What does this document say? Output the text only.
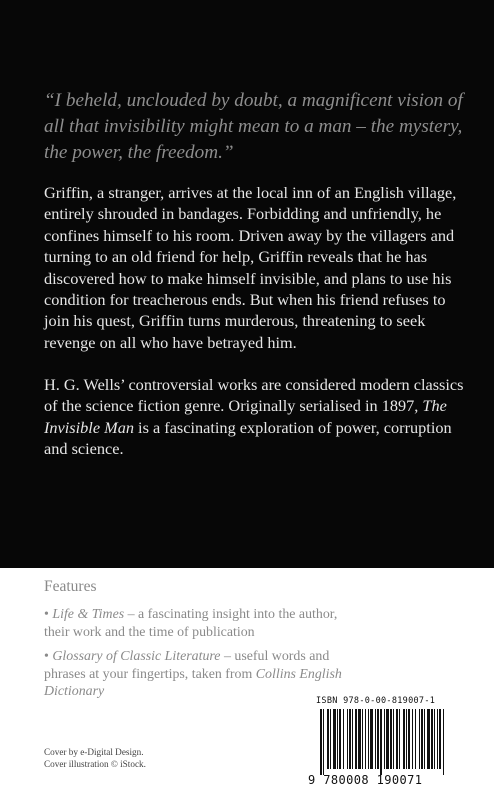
“I beheld, unclouded by doubt, a magnificent vision of all that invisibility might mean to a man – the mystery, the power, the freedom.”

Griffin, a stranger, arrives at the local inn of an English village, entirely shrouded in bandages. Forbidding and unfriendly, he confines himself to his room. Driven away by the villagers and turning to an old friend for help, Griffin reveals that he has discovered how to make himself invisible, and plans to use his condition for treacherous ends. But when his friend refuses to join his quest, Griffin turns murderous, threatening to seek revenge on all who have betrayed him.

H. G. Wells’ controversial works are considered modern classics of the science fiction genre. Originally serialised in 1897, The Invisible Man is a fascinating exploration of power, corruption and science.

Features

• Life & Times – a fascinating insight into the author, their work and the time of publication

• Glossary of Classic Literature – useful words and phrases at your fingertips, taken from Collins English Dictionary

Cover by e-Digital Design.

Cover illustration © iStock.

ISBN 978-0-00-819007-1
9 780008 190071
